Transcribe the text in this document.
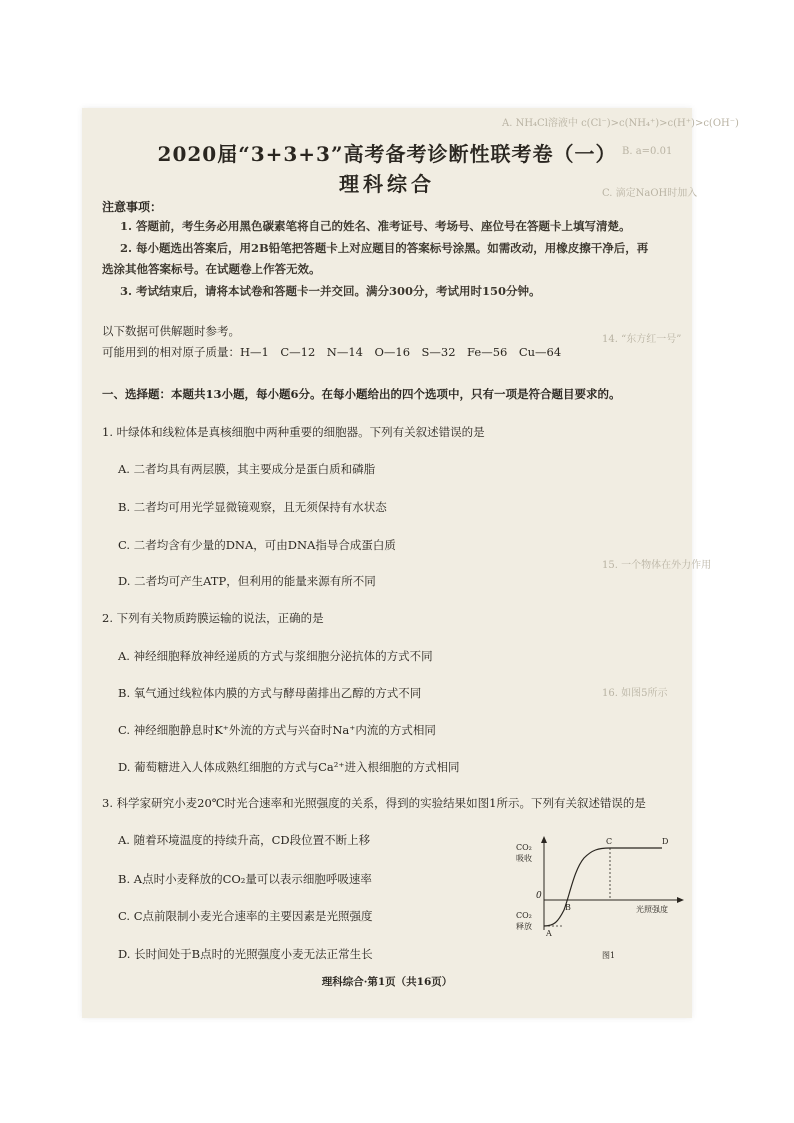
A. NH₄Cl溶液中 c(Cl⁻)>c(NH₄⁺)>c(H⁺)>c(OH⁻)
B. a=0.01
C. 滴定NaOH时加入
14. “东方红一号”
15. 一个物体在外力作用
16. 如图5所示
2020届“3+3+3”高考备考诊断性联考卷（一）
理科综合
注意事项：
1. 答题前，考生务必用黑色碳素笔将自己的姓名、准考证号、考场号、座位号在答题卡上填写清楚。
2. 每小题选出答案后，用2B铅笔把答题卡上对应题目的答案标号涂黑。如需改动，用橡皮擦干净后，再
选涂其他答案标号。在试题卷上作答无效。
3. 考试结束后，请将本试卷和答题卡一并交回。满分300分，考试用时150分钟。
以下数据可供解题时参考。
可能用到的相对原子质量：H—1　C—12　N—14　O—16　S—32　Fe—56　Cu—64
一、选择题：本题共13小题，每小题6分。在每小题给出的四个选项中，只有一项是符合题目要求的。
1. 叶绿体和线粒体是真核细胞中两种重要的细胞器。下列有关叙述错误的是
A. 二者均具有两层膜，其主要成分是蛋白质和磷脂
B. 二者均可用光学显微镜观察，且无须保持有水状态
C. 二者均含有少量的DNA，可由DNA指导合成蛋白质
D. 二者均可产生ATP，但利用的能量来源有所不同
2. 下列有关物质跨膜运输的说法，正确的是
A. 神经细胞释放神经递质的方式与浆细胞分泌抗体的方式不同
B. 氧气通过线粒体内膜的方式与酵母菌排出乙醇的方式不同
C. 神经细胞静息时K⁺外流的方式与兴奋时Na⁺内流的方式相同
D. 葡萄糖进入人体成熟红细胞的方式与Ca²⁺进入根细胞的方式相同
3. 科学家研究小麦20℃时光合速率和光照强度的关系，得到的实验结果如图1所示。下列有关叙述错误的是
A. 随着环境温度的持续升高，CD段位置不断上移
B. A点时小麦释放的CO₂量可以表示细胞呼吸速率
C. C点前限制小麦光合速率的主要因素是光照强度
D. 长时间处于B点时的光照强度小麦无法正常生长
CO₂
吸收
CO₂
释放
0
A
B
C	D
光照强度
图1
理科综合·第1页（共16页）
